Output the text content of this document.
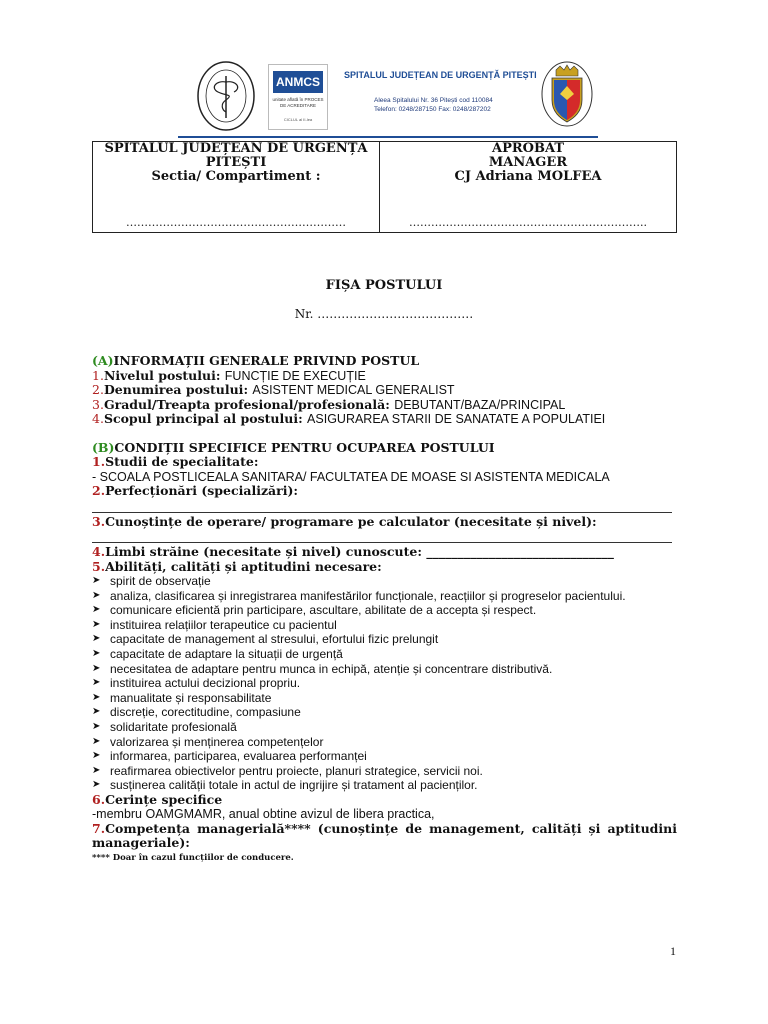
ANMCS
unitate aflată în PROCES DE ACREDITARE
CICLUL al II-lea
SPITALUL JUDEȚEAN DE URGENȚĂ PITEȘTI
Aleea Spitalului Nr. 36 Pitești cod 110084
Telefon: 0248/287150 Fax: 0248/287202
SPITALUL JUDEȚEAN DE URGENȚA
PITEȘTI
Sectia/ Compartiment :
……………………………………………………
APROBAT
MANAGER
CJ Adriana MOLFEA
………………………………………………………..
FIȘA POSTULUI
Nr. …………………………………
(A)INFORMAȚII GENERALE PRIVIND POSTUL
1.Nivelul postului: FUNCȚIE DE EXECUȚIE
2.Denumirea postului: ASISTENT MEDICAL GENERALIST
3.Gradul/Treapta profesional/profesională: DEBUTANT/BAZA/PRINCIPAL
4.Scopul principal al postului: ASIGURAREA STARII DE SANATATE A POPULATIEI
(B)CONDIȚII SPECIFICE PENTRU OCUPAREA POSTULUI
1.Studii de specialitate:
- SCOALA POSTLICEALA SANITARA/ FACULTATEA DE MOASE SI ASISTENTA MEDICALA
2.Perfecționări (specializări):
3.Cunoștințe de operare/ programare pe calculator (necesitate și nivel):
4.Limbi străine (necesitate și nivel) cunoscute: ______________________________
5.Abilități, calități și aptitudini necesare:
➤ spirit de observație
➤ analiza, clasificarea și inregistrarea manifestărilor funcționale, reacțiilor și progreselor pacientului.
➤ comunicare eficientă prin participare, ascultare, abilitate de a accepta și respect.
➤ instituirea relațiilor terapeutice cu pacientul
➤ capacitate de management al stresului, efortului fizic prelungit
➤ capacitate de adaptare la situații de urgență
➤ necesitatea de adaptare pentru munca in echipă, atenție și concentrare distributivă.
➤ instituirea actului decizional propriu.
➤ manualitate și responsabilitate
➤ discreție, corectitudine, compasiune
➤ solidaritate profesională
➤ valorizarea și menținerea competențelor
➤ informarea, participarea, evaluarea performanței
➤ reafirmarea obiectivelor pentru proiecte, planuri strategice, servicii noi.
➤ susținerea calității totale in actul de ingrijire și tratament al pacienților.
6.Cerințe specifice
-membru OAMGMAMR, anual obtine avizul de libera practica,
7.Competența managerială**** (cunoștințe de management, calități și aptitudini manageriale):
**** Doar în cazul funcțiilor de conducere.
1
